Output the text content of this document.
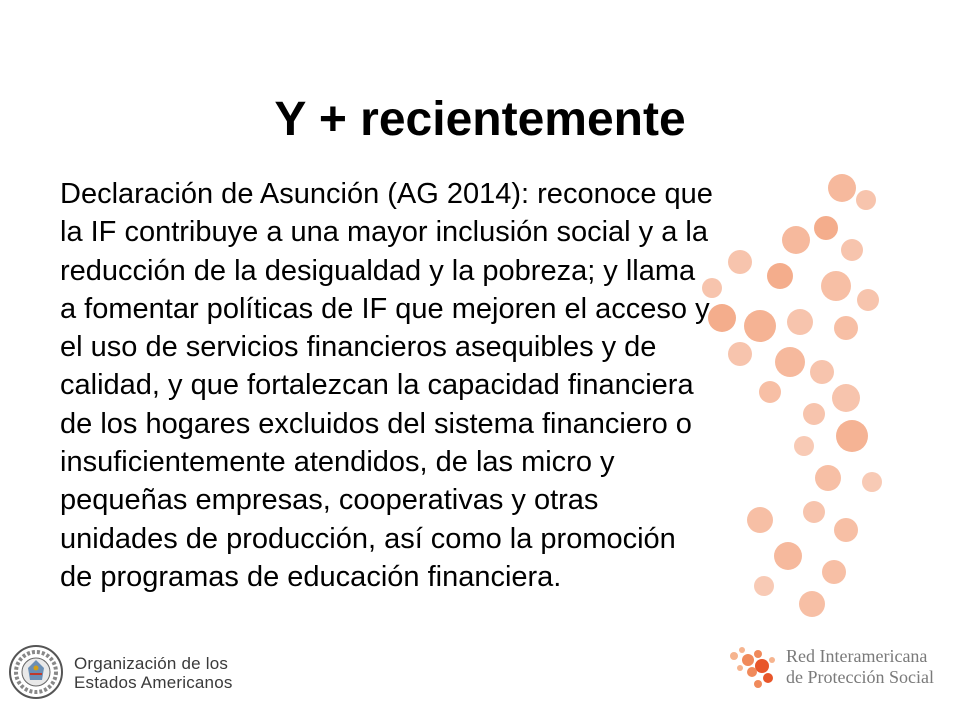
Y + recientemente

Declaración de Asunción (AG 2014): reconoce que
la IF contribuye a una mayor inclusión social y a la
reducción de la desigualdad y la pobreza; y llama
a fomentar políticas de IF que mejoren el acceso y
el uso de servicios financieros asequibles y de
calidad, y que fortalezcan la capacidad financiera
de los hogares excluidos del sistema financiero o
insuficientemente atendidos, de las micro y
pequeñas empresas, cooperativas y otras
unidades de producción, así como la promoción
de programas de educación financiera.

Organización de los
Estados Americanos
Red Interamericana
de Protección Social
